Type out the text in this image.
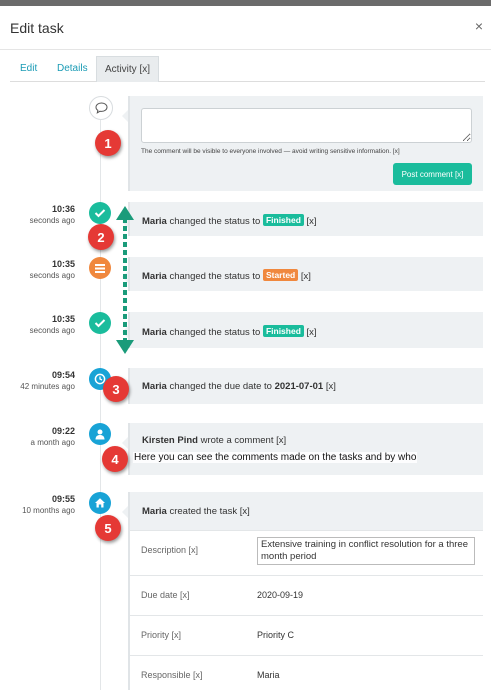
Edit task	×
Edit Details	Activity [x]
The comment will be visible to everyone involved — avoid writing sensitive information. [x]
Post comment [x]
10:36
seconds ago	Maria changed the status to Finished [x]
10:35
seconds ago	Maria changed the status to Started [x]
10:35
seconds ago	Maria changed the status to Finished [x]
09:54
42 minutes ago	Maria changed the due date to 2021-07-01 [x]
09:22
a month ago	Kirsten Pind wrote a comment [x]
09:55
10 months ago	Maria created the task [x]
Description [x]	Extensive training in conflict resolution for a three month period
Due date [x]	2020-09-19
Priority [x]	Priority C
Responsible [x]	Maria
1
2
3
4
5
Here you can see the comments made on the tasks and by who
